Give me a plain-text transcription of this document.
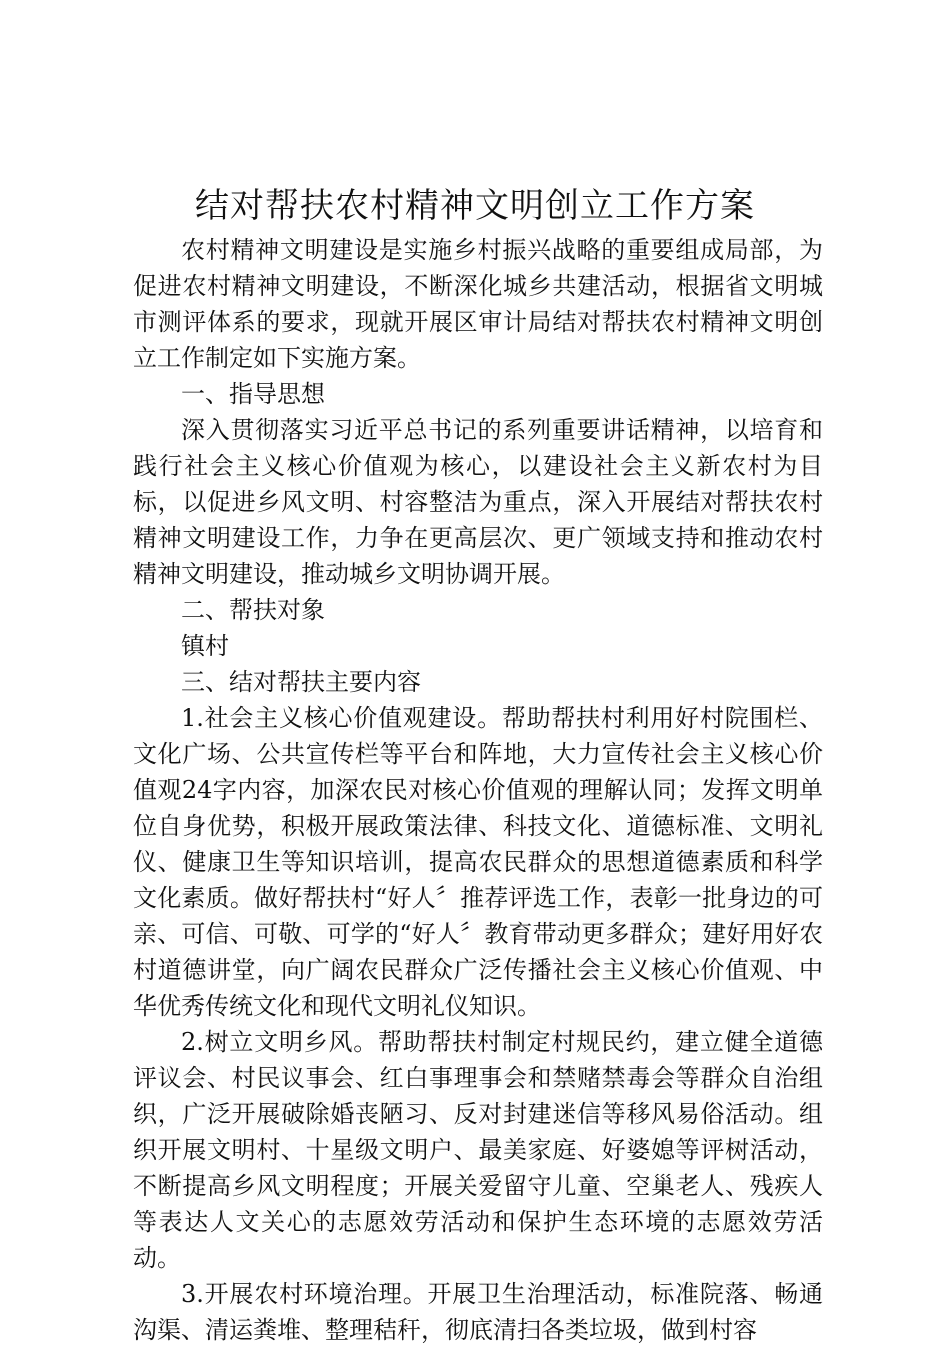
结对帮扶农村精神文明创立工作方案

农村精神文明建设是实施乡村振兴战略的重要组成局部，为促进农村精神文明建设，不断深化城乡共建活动，根据省文明城市测评体系的要求，现就开展区审计局结对帮扶农村精神文明创立工作制定如下实施方案。

一、指导思想

深入贯彻落实习近平总书记的系列重要讲话精神，以培育和践行社会主义核心价值观为核心，以建设社会主义新农村为目标，以促进乡风文明、村容整洁为重点，深入开展结对帮扶农村精神文明建设工作，力争在更高层次、更广领域支持和推动农村精神文明建设，推动城乡文明协调开展。

二、帮扶对象

镇村

三、结对帮扶主要内容

1.社会主义核心价值观建设。帮助帮扶村利用好村院围栏、文化广场、公共宣传栏等平台和阵地，大力宣传社会主义核心价值观24字内容，加深农民对核心价值观的理解认同；发挥文明单位自身优势，积极开展政策法律、科技文化、道德标准、文明礼仪、健康卫生等知识培训，提高农民群众的思想道德素质和科学文化素质。做好帮扶村“好人〞推荐评选工作，表彰一批身边的可亲、可信、可敬、可学的“好人〞教育带动更多群众；建好用好农村道德讲堂，向广阔农民群众广泛传播社会主义核心价值观、中华优秀传统文化和现代文明礼仪知识。

2.树立文明乡风。帮助帮扶村制定村规民约，建立健全道德评议会、村民议事会、红白事理事会和禁赌禁毒会等群众自治组织，广泛开展破除婚丧陋习、反对封建迷信等移风易俗活动。组织开展文明村、十星级文明户、最美家庭、好婆媳等评树活动，不断提高乡风文明程度；开展关爱留守儿童、空巢老人、残疾人等表达人文关心的志愿效劳活动和保护生态环境的志愿效劳活动。

3.开展农村环境治理。开展卫生治理活动，标准院落、畅通沟渠、清运粪堆、整理秸秆，彻底清扫各类垃圾，做到村容
